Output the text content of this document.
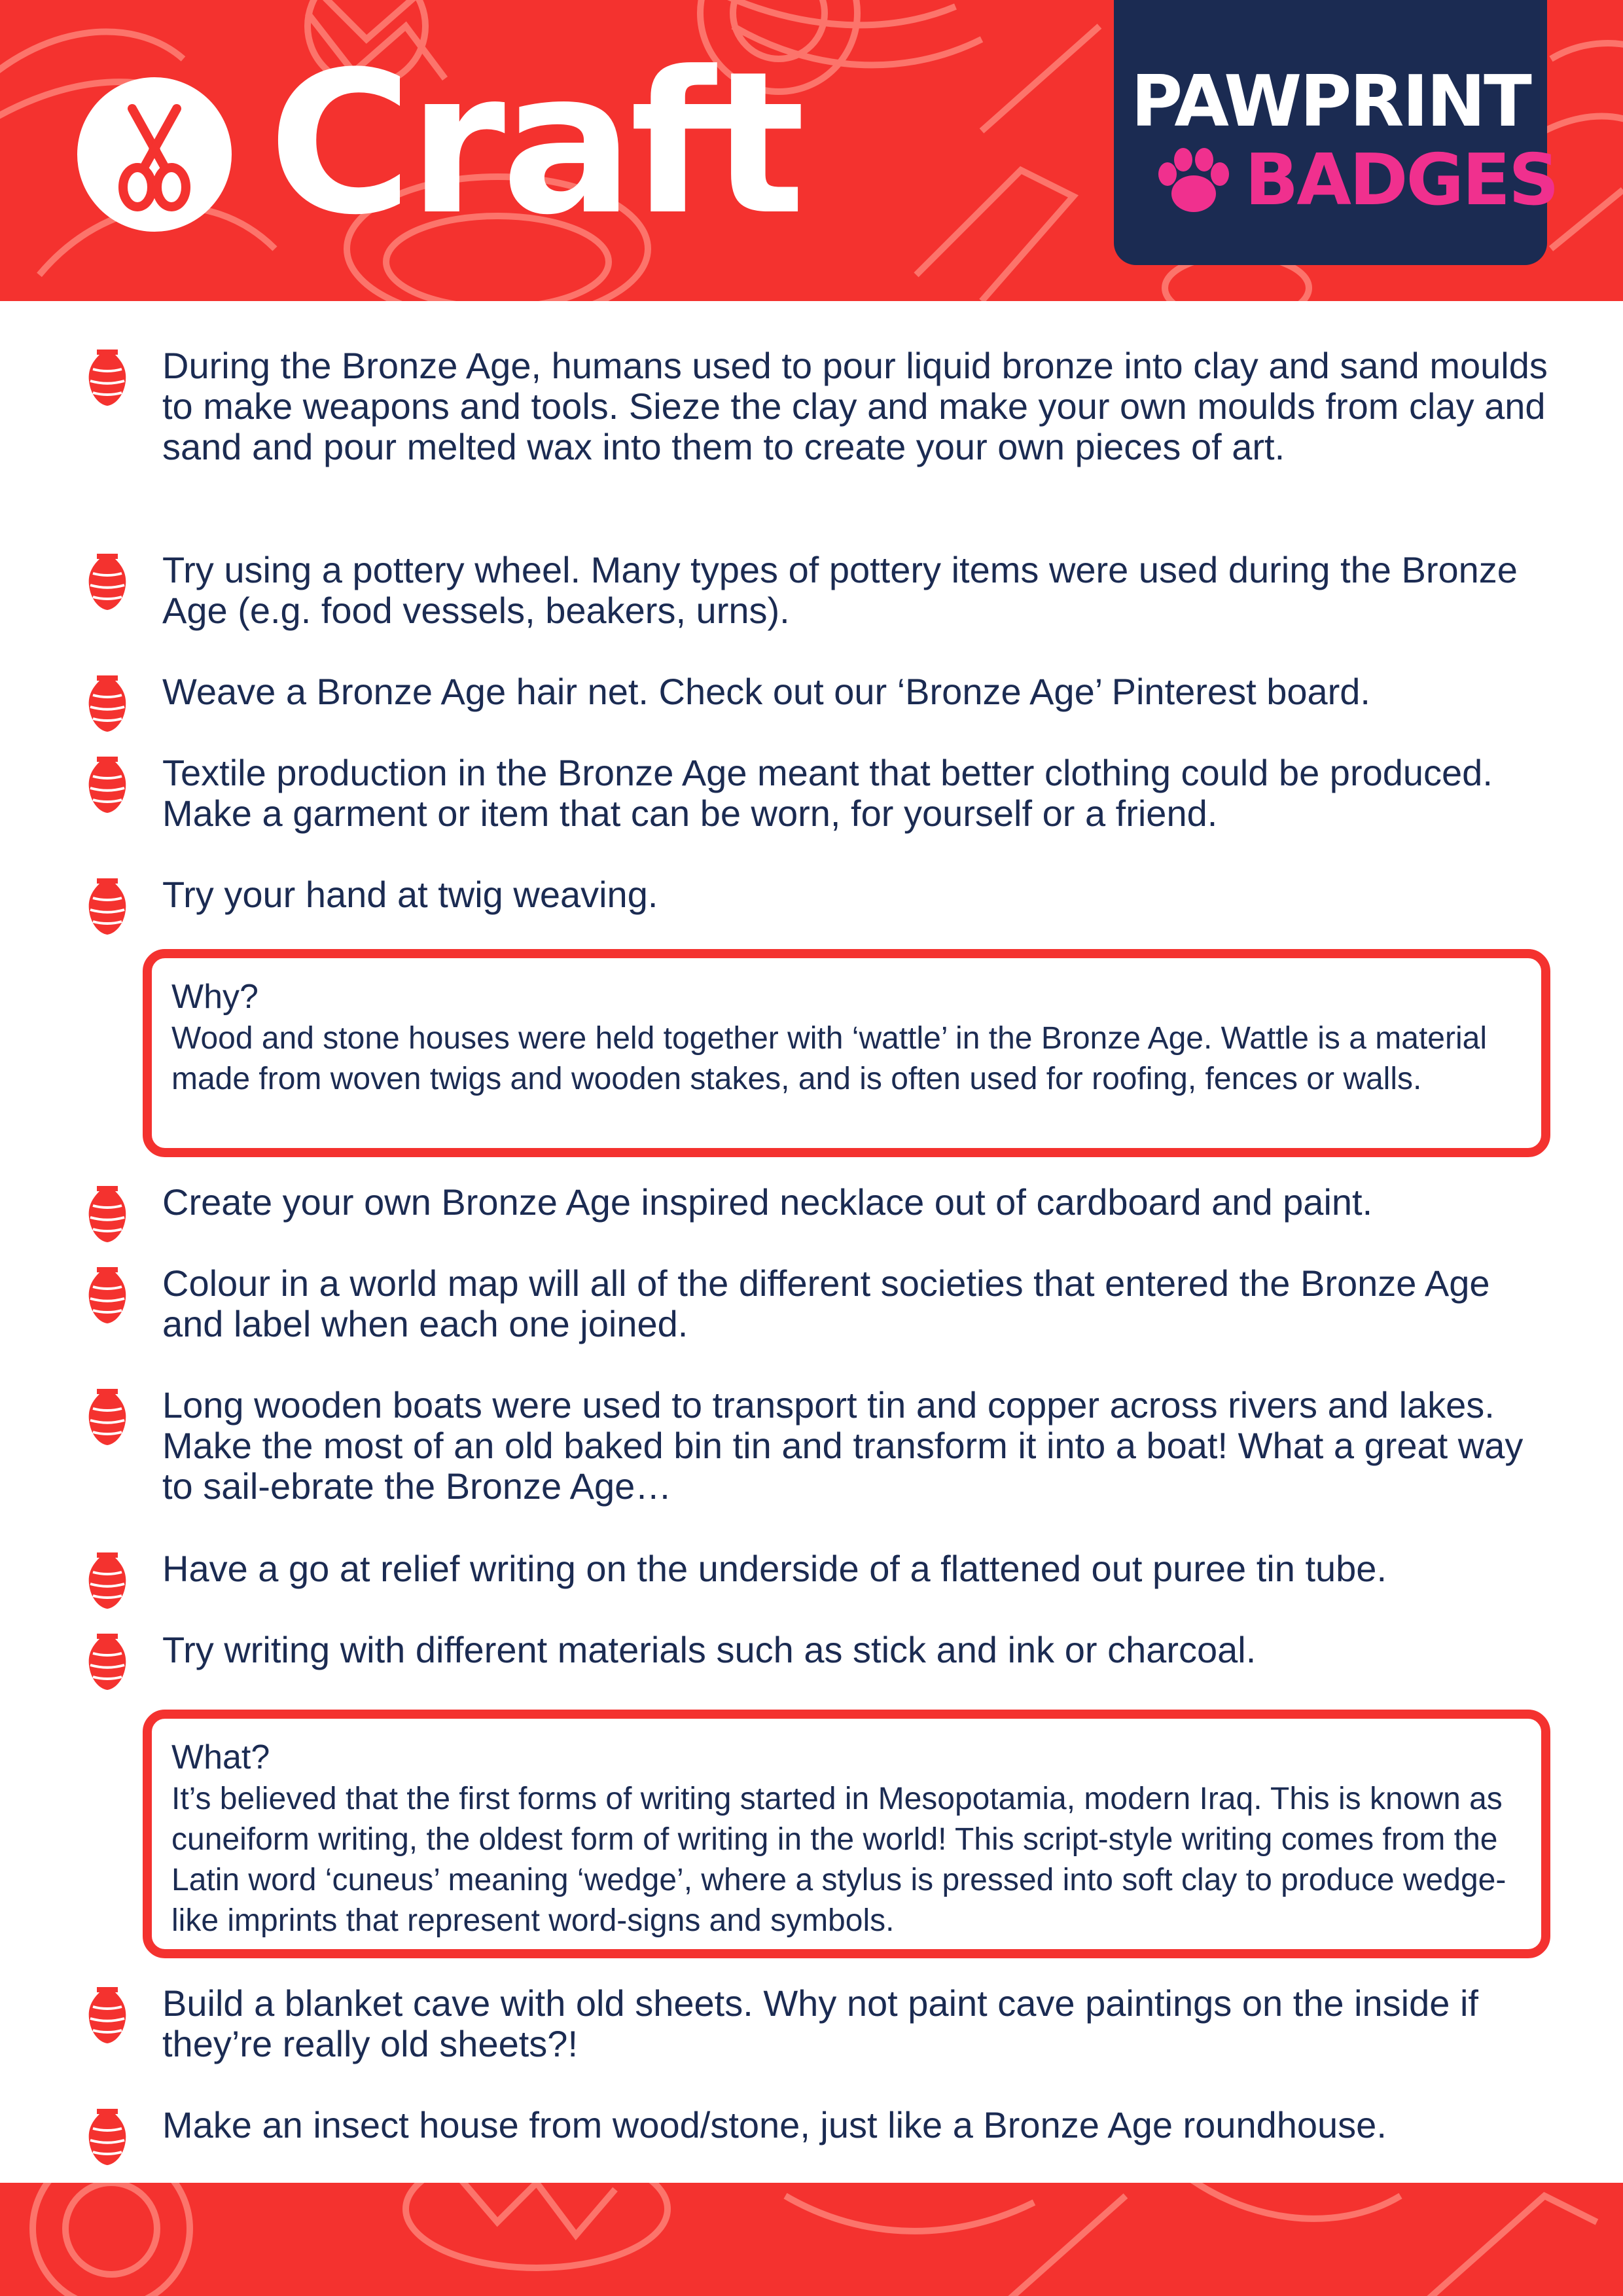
Craft	PAWPRINT
BADGES
During the Bronze Age, humans used to pour liquid bronze into clay and sand moulds to make weapons and tools. Sieze the clay and make your own moulds from clay and sand and pour melted wax into them to create your own pieces of art.
Try using a pottery wheel. Many types of pottery items were used during the Bronze Age (e.g. food vessels, beakers, urns).
Weave a Bronze Age hair net. Check out our ‘Bronze Age’ Pinterest board.
Textile production in the Bronze Age meant that better clothing could be produced. Make a garment or item that can be worn, for yourself or a friend.
Try your hand at twig weaving.
Why?
Wood and stone houses were held together with ‘wattle’ in the Bronze Age. Wattle is a material made from woven twigs and wooden stakes, and is often used for roofing, fences or walls.
Create your own Bronze Age inspired necklace out of cardboard and paint.
Colour in a world map will all of the different societies that entered the Bronze Age and label when each one joined.
Long wooden boats were used to transport tin and copper across rivers and lakes. Make the most of an old baked bin tin and transform it into a boat! What a great way to sail-ebrate the Bronze Age…
Have a go at relief writing on the underside of a flattened out puree tin tube.
Try writing with different materials such as stick and ink or charcoal.
What?
It’s believed that the first forms of writing started in Mesopotamia, modern Iraq. This is known as cuneiform writing, the oldest form of writing in the world! This script-style writing comes from the Latin word ‘cuneus’ meaning ‘wedge’, where a stylus is pressed into soft clay to produce wedge-like imprints that represent word-signs and symbols.
Build a blanket cave with old sheets. Why not paint cave paintings on the inside if they’re really old sheets?!
Make an insect house from wood/stone, just like a Bronze Age roundhouse.
